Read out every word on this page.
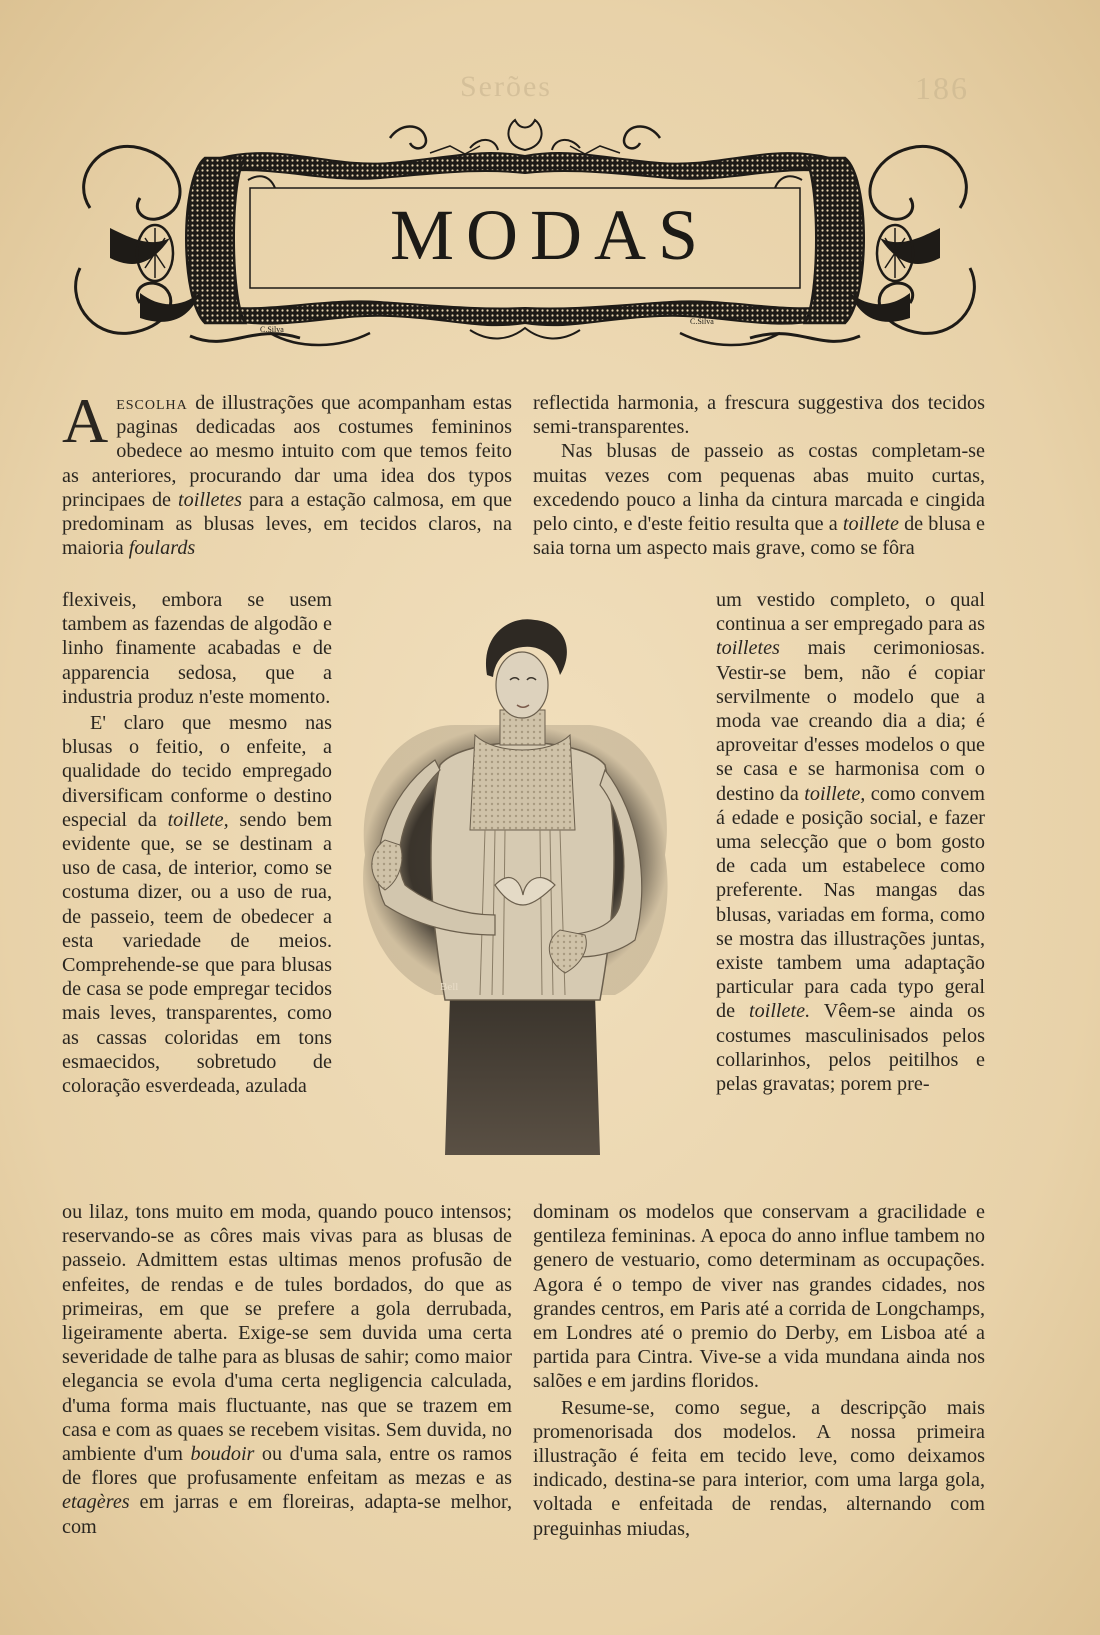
Serões	186
C.Silva
C.Silva
MODAS

Aescolha de illustrações que acompanham estas paginas dedicadas aos costumes femininos obedece ao mesmo intuito com que temos feito as anteriores, procurando dar uma idea dos typos principaes de toilletes para a estação calmosa, em que predominam as blusas leves, em tecidos claros, na maioria foulards

flexiveis, embora se usem tambem as fazendas de algodão e linho finamente acabadas e de apparencia sedosa, que a industria produz n'este momento.

E' claro que mesmo nas blusas o feitio, o enfeite, a qualidade do tecido empregado diversificam conforme o destino especial da toillete, sendo bem evidente que, se se destinam a uso de casa, de interior, como se costuma dizer, ou a uso de rua, de passeio, teem de obedecer a esta variedade de meios. Comprehende-se que para blusas de casa se pode empregar tecidos mais leves, transparentes, como as cassas coloridas em tons esmaecidos, sobretudo de coloração esverdeada, azulada

ou lilaz, tons muito em moda, quando pouco intensos; reservando-se as côres mais vivas para as blusas de passeio. Admittem estas ultimas menos profusão de enfeites, de rendas e de tules bordados, do que as primeiras, em que se prefere a gola derrubada, ligeiramente aberta. Exige-se sem duvida uma certa severidade de talhe para as blusas de sahir; como maior elegancia se evola d'uma certa negligencia calculada, d'uma forma mais fluctuante, nas que se trazem em casa e com as quaes se recebem visitas. Sem duvida, no ambiente d'um boudoir ou d'uma sala, entre os ramos de flores que profusamente enfeitam as mezas e as etagères em jarras e em floreiras, adapta-se melhor, com

reflectida harmonia, a frescura suggestiva dos tecidos semi-transparentes.

Nas blusas de passeio as costas completam-se muitas vezes com pequenas abas muito curtas, excedendo pouco a linha da cintura marcada e cingida pelo cinto, e d'este feitio resulta que a toillete de blusa e saia torna um aspecto mais grave, como se fôra

um vestido completo, o qual continua a ser empregado para as toilletes mais cerimoniosas. Vestir-se bem, não é copiar servilmente o modelo que a moda vae creando dia a dia; é aproveitar d'esses modelos o que se casa e se harmonisa com o destino da toillete, como convem á edade e posição social, e fazer uma selecção que o bom gosto de cada um estabelece como preferente. Nas mangas das blusas, variadas em forma, como se mostra das illustrações juntas, existe tambem uma adaptação particular para cada typo geral de toillete. Vêem-se ainda os costumes masculinisados pelos collarinhos, pelos peitilhos e pelas gravatas; porem pre-

dominam os modelos que conservam a gracilidade e gentileza femininas. A epoca do anno influe tambem no genero de vestuario, como determinam as occupações. Agora é o tempo de viver nas grandes cidades, nos grandes centros, em Paris até a corrida de Longchamps, em Londres até o premio do Derby, em Lisboa até a partida para Cintra. Vive-se a vida mundana ainda nos salões e em jardins floridos.

Resume-se, como segue, a descripção mais promenorisada dos modelos. A nossa primeira illustração é feita em tecido leve, como deixamos indicado, destina-se para interior, com uma larga gola, voltada e enfeitada de rendas, alternando com preguinhas miudas,

Bell
